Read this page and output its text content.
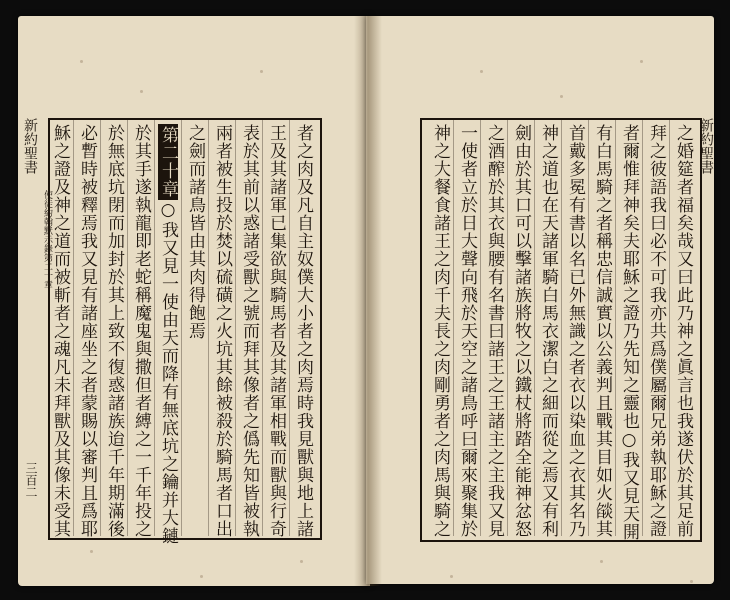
新約聖書
使徒約翰默示錄第二十章
三百二
新約聖書
者之肉及凡自主奴僕大小者之肉焉時我見獸與地上諸
王及其諸軍已集欲與騎馬者及其諸軍相戰而獸與行奇
表於其前以惑諸受獸之號而拜其像者之僞先知皆被執
兩者被生投於焚以硫磺之火坑其餘被殺於騎馬者口出
之劍而諸鳥皆由其肉得飽焉
第二十章○我又見一使由天而降有無底坑之鑰并大鏈
於其手遂執龍即老蛇稱魔鬼與撒但者縛之一千年投之
於無底坑閉而加封於其上致不復惑諸族迨千年期滿後
必暫時被釋焉我又見有諸座坐之者蒙賜以審判且爲耶
穌之證及神之道而被斬者之魂凡未拜獸及其像未受其	之婚筵者福矣哉又曰此乃神之眞言也我遂伏於其足前
拜之彼語我曰必不可我亦共爲僕屬爾兄弟執耶穌之證
者爾惟拜神矣夫耶穌之證乃先知之靈也○我又見天開
有白馬騎之者稱忠信誠實以公義判且戰其目如火燄其
首戴多冕有書以名已外無識之者衣以染血之衣其名乃
神之道也在天諸軍騎白馬衣潔白之細而從之焉又有利
劍由於其口可以擊諸族將牧之以鐵杖將踏全能神忿怒
之酒醡於其衣與腰有名書曰諸王之王諸主之主我又見
一使者立於日大聲向飛於天空之諸鳥呼曰爾來聚集於
神之大餐食諸王之肉千夫長之肉剛勇者之肉馬與騎之
